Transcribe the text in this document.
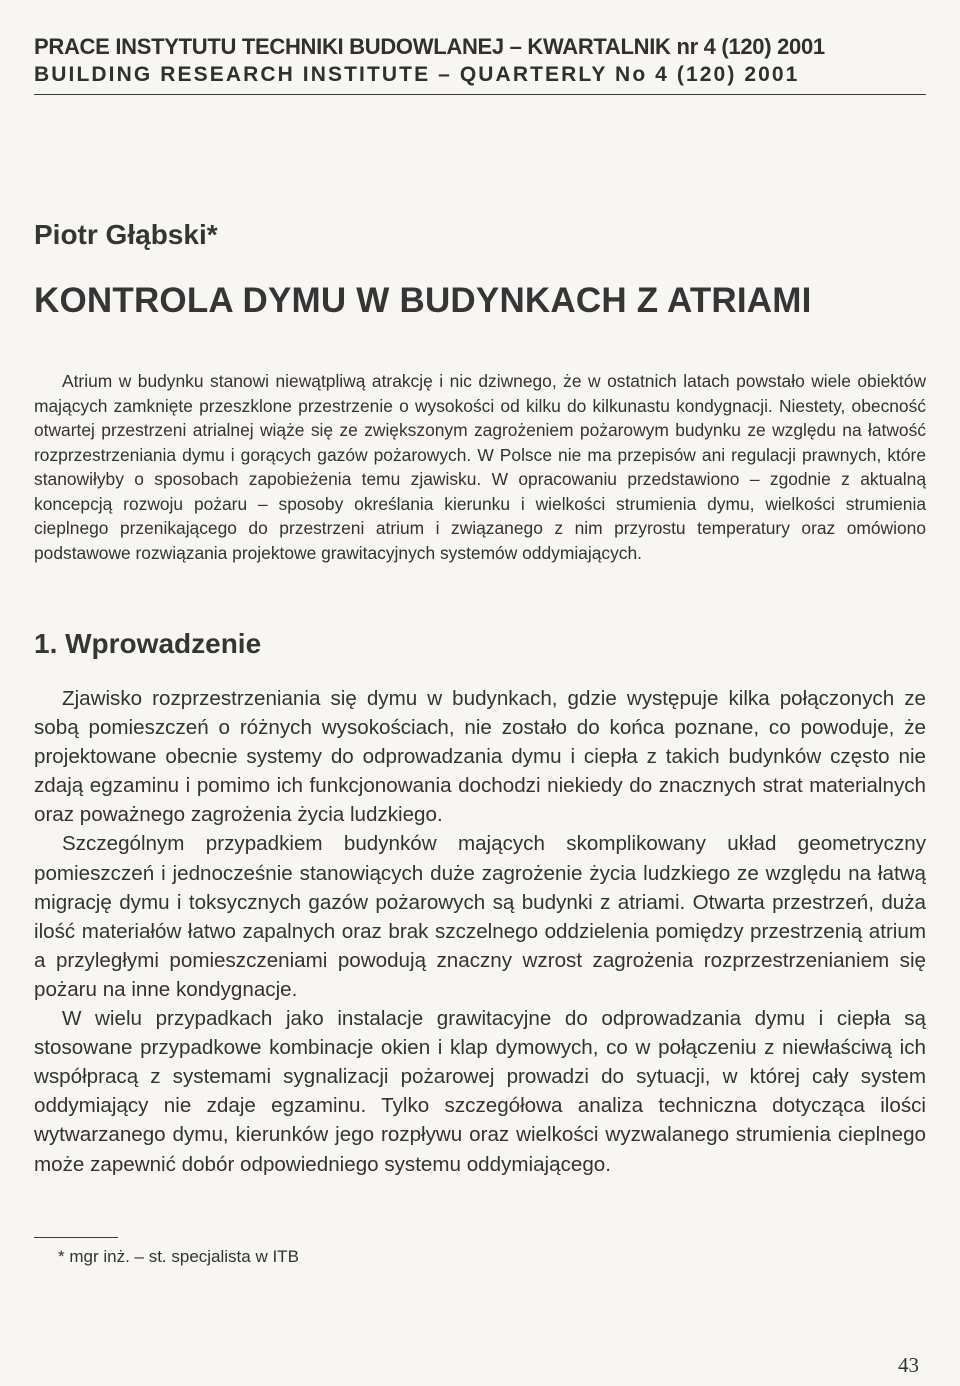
PRACE INSTYTUTU TECHNIKI BUDOWLANEJ – KWARTALNIK nr 4 (120) 2001
BUILDING RESEARCH INSTITUTE – QUARTERLY No 4 (120) 2001
Piotr Głąbski*
KONTROLA DYMU W BUDYNKACH Z ATRIAMI
Atrium w budynku stanowi niewątpliwą atrakcję i nic dziwnego, że w ostatnich latach powstało wiele obiektów mających zamknięte przeszklone przestrzenie o wysokości od kilku do kilkunastu kondygnacji. Niestety, obecność otwartej przestrzeni atrialnej wiąże się ze zwiększonym zagrożeniem pożarowym budynku ze względu na łatwość rozprzestrzeniania dymu i gorących gazów pożarowych. W Polsce nie ma przepisów ani regulacji prawnych, które stanowiłyby o sposobach zapobieżenia temu zjawisku. W opracowaniu przedstawiono – zgodnie z aktualną koncepcją rozwoju pożaru – sposoby określania kierunku i wielkości strumienia dymu, wielkości strumienia cieplnego przenikającego do przestrzeni atrium i związanego z nim przyrostu temperatury oraz omówiono podstawowe rozwiązania projektowe grawitacyjnych systemów oddymiających.
1. Wprowadzenie

Zjawisko rozprzestrzeniania się dymu w budynkach, gdzie występuje kilka połączonych ze sobą pomieszczeń o różnych wysokościach, nie zostało do końca poznane, co powoduje, że projektowane obecnie systemy do odprowadzania dymu i ciepła z takich budynków często nie zdają egzaminu i pomimo ich funkcjonowania dochodzi niekiedy do znacznych strat materialnych oraz poważnego zagrożenia życia ludzkiego.

Szczególnym przypadkiem budynków mających skomplikowany układ geometryczny pomieszczeń i jednocześnie stanowiących duże zagrożenie życia ludzkiego ze względu na łatwą migrację dymu i toksycznych gazów pożarowych są budynki z atriami. Otwarta przestrzeń, duża ilość materiałów łatwo zapalnych oraz brak szczelnego oddzielenia pomiędzy przestrzenią atrium a przyległymi pomieszczeniami powodują znaczny wzrost zagrożenia rozprzestrzenianiem się pożaru na inne kondygnacje.

W wielu przypadkach jako instalacje grawitacyjne do odprowadzania dymu i ciepła są stosowane przypadkowe kombinacje okien i klap dymowych, co w połączeniu z niewłaściwą ich współpracą z systemami sygnalizacji pożarowej prowadzi do sytuacji, w której cały system oddymiający nie zdaje egzaminu. Tylko szczegółowa analiza techniczna dotycząca ilości wytwarzanego dymu, kierunków jego rozpływu oraz wielkości wyzwalanego strumienia cieplnego może zapewnić dobór odpowiedniego systemu oddymiającego.

* mgr inż. – st. specjalista w ITB
43
